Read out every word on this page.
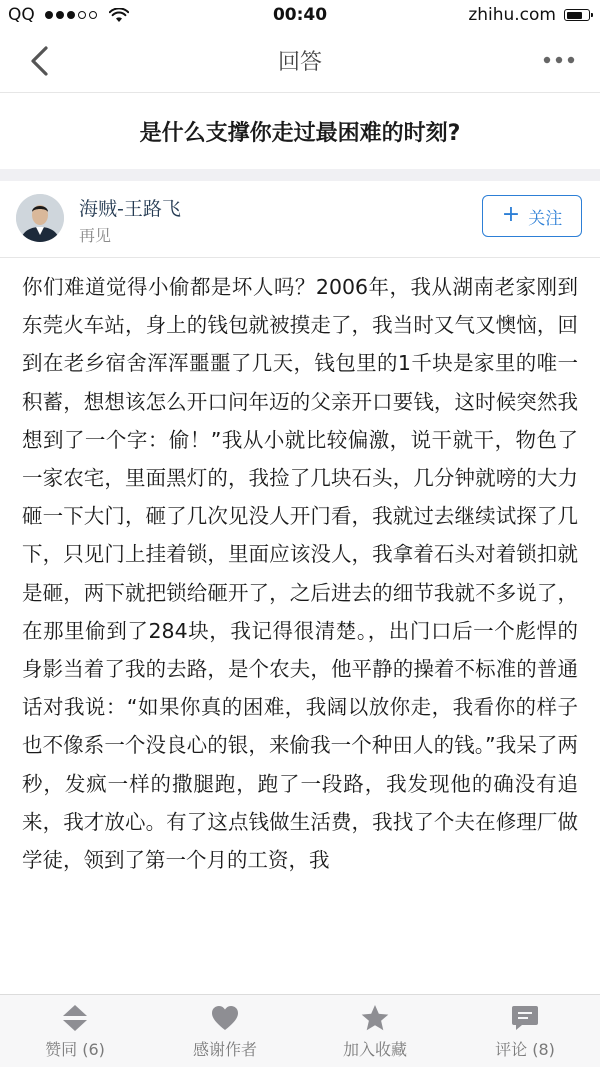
QQ	00:40	zhihu.com
回答
是什么支撑你走过最困难的时刻?
海贼-王路飞
再见
+ 关注
你们难道觉得小偷都是坏人吗？2006年，我从湖南老家刚到东莞火车站，身上的钱包就被摸走了，我当时又气又懊恼，回到在老乡宿舍浑浑噩噩了几天，钱包里的1千块是家里的唯一积蓄，想想该怎么开口问年迈的父亲开口要钱，这时候突然我想到了一个字：偷！”我从小就比较偏激，说干就干，物色了一家农宅，里面黑灯的，我捡了几块石头，几分钟就嗙的大力砸一下大门，砸了几次见没人开门看，我就过去继续试探了几下，只见门上挂着锁，里面应该没人，我拿着石头对着锁扣就是砸，两下就把锁给砸开了，之后进去的细节我就不多说了，在那里偷到了284块，我记得很清楚。，出门口后一个彪悍的身影当着了我的去路，是个农夫，他平静的操着不标准的普通话对我说：“如果你真的困难，我阔以放你走，我看你的样子也不像系一个没良心的银，来偷我一个种田人的钱。”我呆了两秒，发疯一样的撒腿跑，跑了一段路，我发现他的确没有追来，我才放心。有了这点钱做生活费，我找了个夫在修理厂做学徒，领到了第一个月的工资，我
赞同 (6)	感谢作者	加入收藏	评论 (8)
